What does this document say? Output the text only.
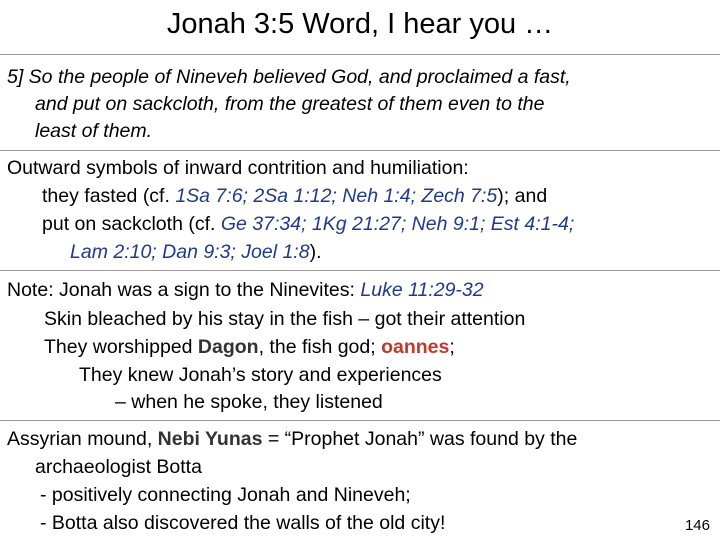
Jonah 3:5 Word, I hear you …
5] So the people of Nineveh believed God, and proclaimed a fast,
and put on sackcloth, from the greatest of them even to the
least of them.
Outward symbols of inward contrition and humiliation:
they fasted (cf. 1Sa 7:6; 2Sa 1:12; Neh 1:4; Zech 7:5); and
put on sackcloth (cf. Ge 37:34; 1Kg 21:27; Neh 9:1; Est 4:1-4;
Lam 2:10; Dan 9:3; Joel 1:8).
Note: Jonah was a sign to the Ninevites: Luke 11:29-32
Skin bleached by his stay in the fish – got their attention
They worshipped Dagon, the fish god; oannes;
They knew Jonah’s story and experiences
– when he spoke, they listened
Assyrian mound, Nebi Yunas = “Prophet Jonah” was found by the
archaeologist Botta
- positively connecting Jonah and Nineveh;
- Botta also discovered the walls of the old city!	146
